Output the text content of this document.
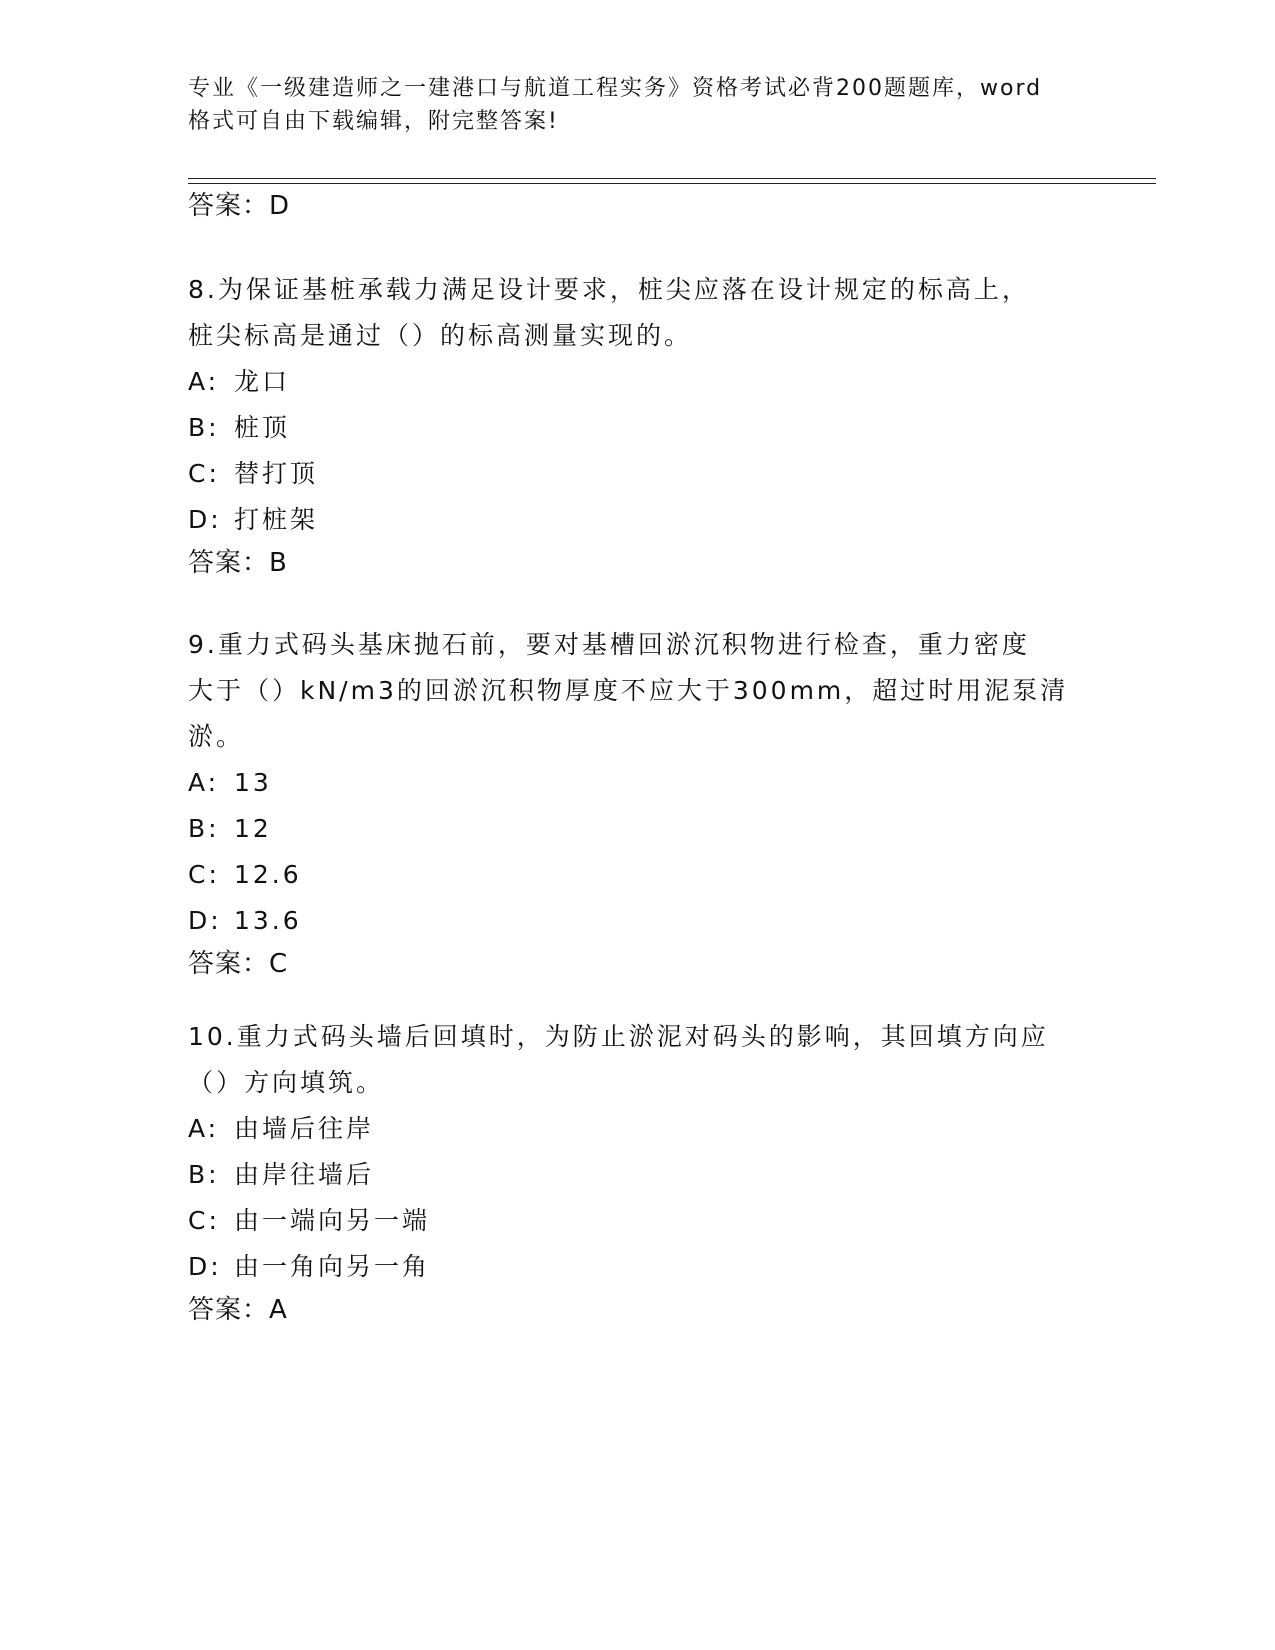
专业《一级建造师之一建港口与航道工程实务》资格考试必背200题题库，word
格式可自由下载编辑，附完整答案!
答案：D
8.为保证基桩承载力满足设计要求，桩尖应落在设计规定的标高上，
桩尖标高是通过（）的标高测量实现的。
A: 龙口
B: 桩顶
C: 替打顶
D: 打桩架
答案：B
9.重力式码头基床抛石前，要对基槽回淤沉积物进行检查，重力密度
大于（）kN/m3的回淤沉积物厚度不应大于300mm，超过时用泥泵清
淤。
A: 13
B: 12
C: 12.6
D: 13.6
答案：C
10.重力式码头墙后回填时，为防止淤泥对码头的影响，其回填方向应
（）方向填筑。
A: 由墙后往岸
B: 由岸往墙后
C: 由一端向另一端
D: 由一角向另一角
答案：A
